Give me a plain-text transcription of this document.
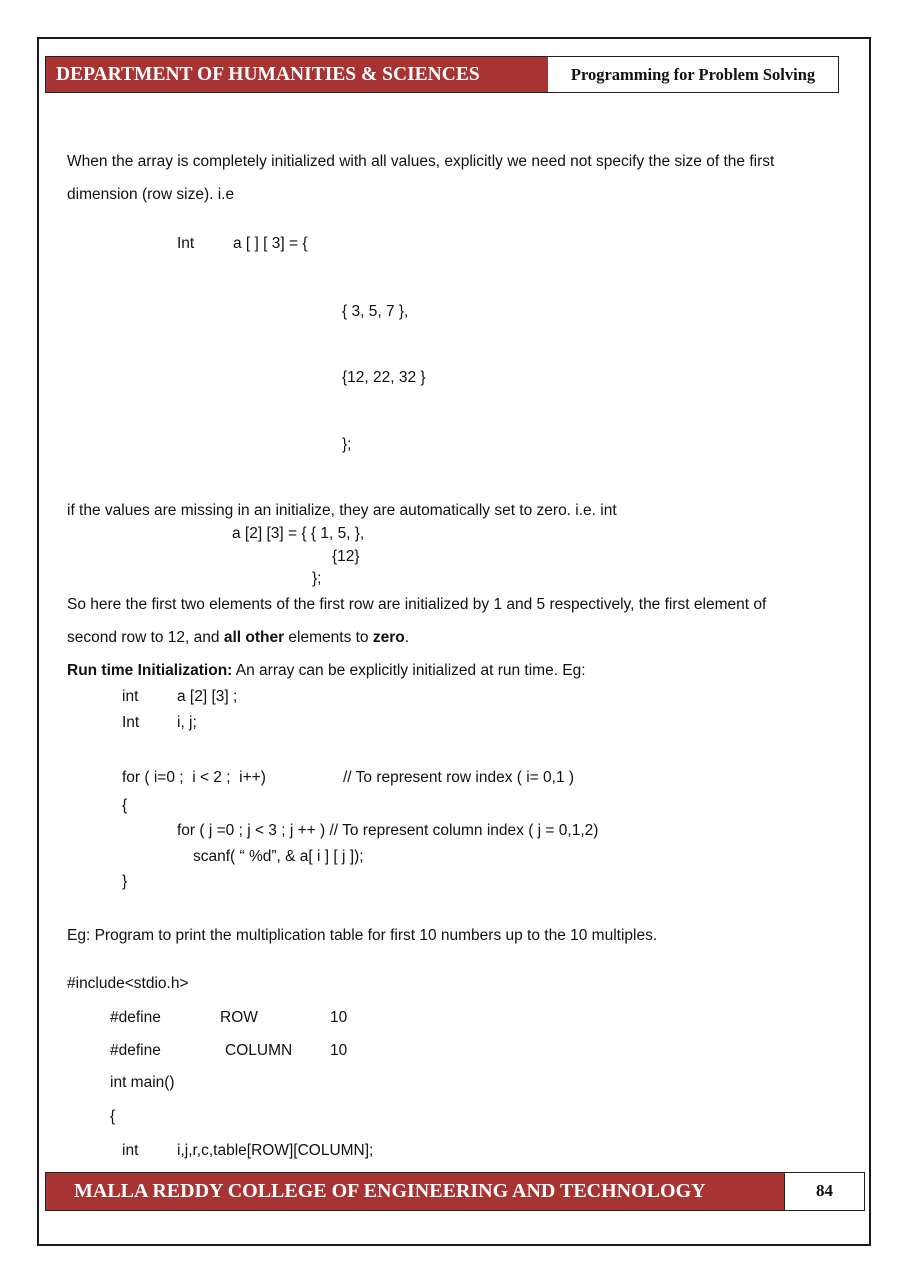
DEPARTMENT OF HUMANITIES & SCIENCES	Programming for Problem Solving
When the array is completely initialized with all values, explicitly we need not specify the size of the first
dimension (row size). i.e
Int	a [ ] [ 3] = {
{ 3, 5, 7 },
{12, 22, 32 }
};
if the values are missing in an initialize, they are automatically set to zero. i.e. int
a [2] [3] = { { 1, 5, },
{12}
};
So here the first two elements of the first row are initialized by 1 and 5 respectively, the first element of
second row to 12, and all other elements to zero.
Run time Initialization: An array can be explicitly initialized at run time. Eg:
int a [2] [3] ;
Int i, j;
for ( i=0 ;  i < 2 ;  i++)	// To represent row index ( i= 0,1 )
{
for ( j =0 ; j < 3 ; j ++ ) // To represent column index ( j = 0,1,2)
scanf( “ %d”, & a[ i ] [ j ]);
}
Eg: Program to print the multiplication table for first 10 numbers up to the 10 multiples.
#include<stdio.h>
#define	ROW	10
#define	COLUMN 10
int main()
{
int i,j,r,c,table[ROW][COLUMN];
MALLA REDDY COLLEGE OF ENGINEERING AND TECHNOLOGY	84
